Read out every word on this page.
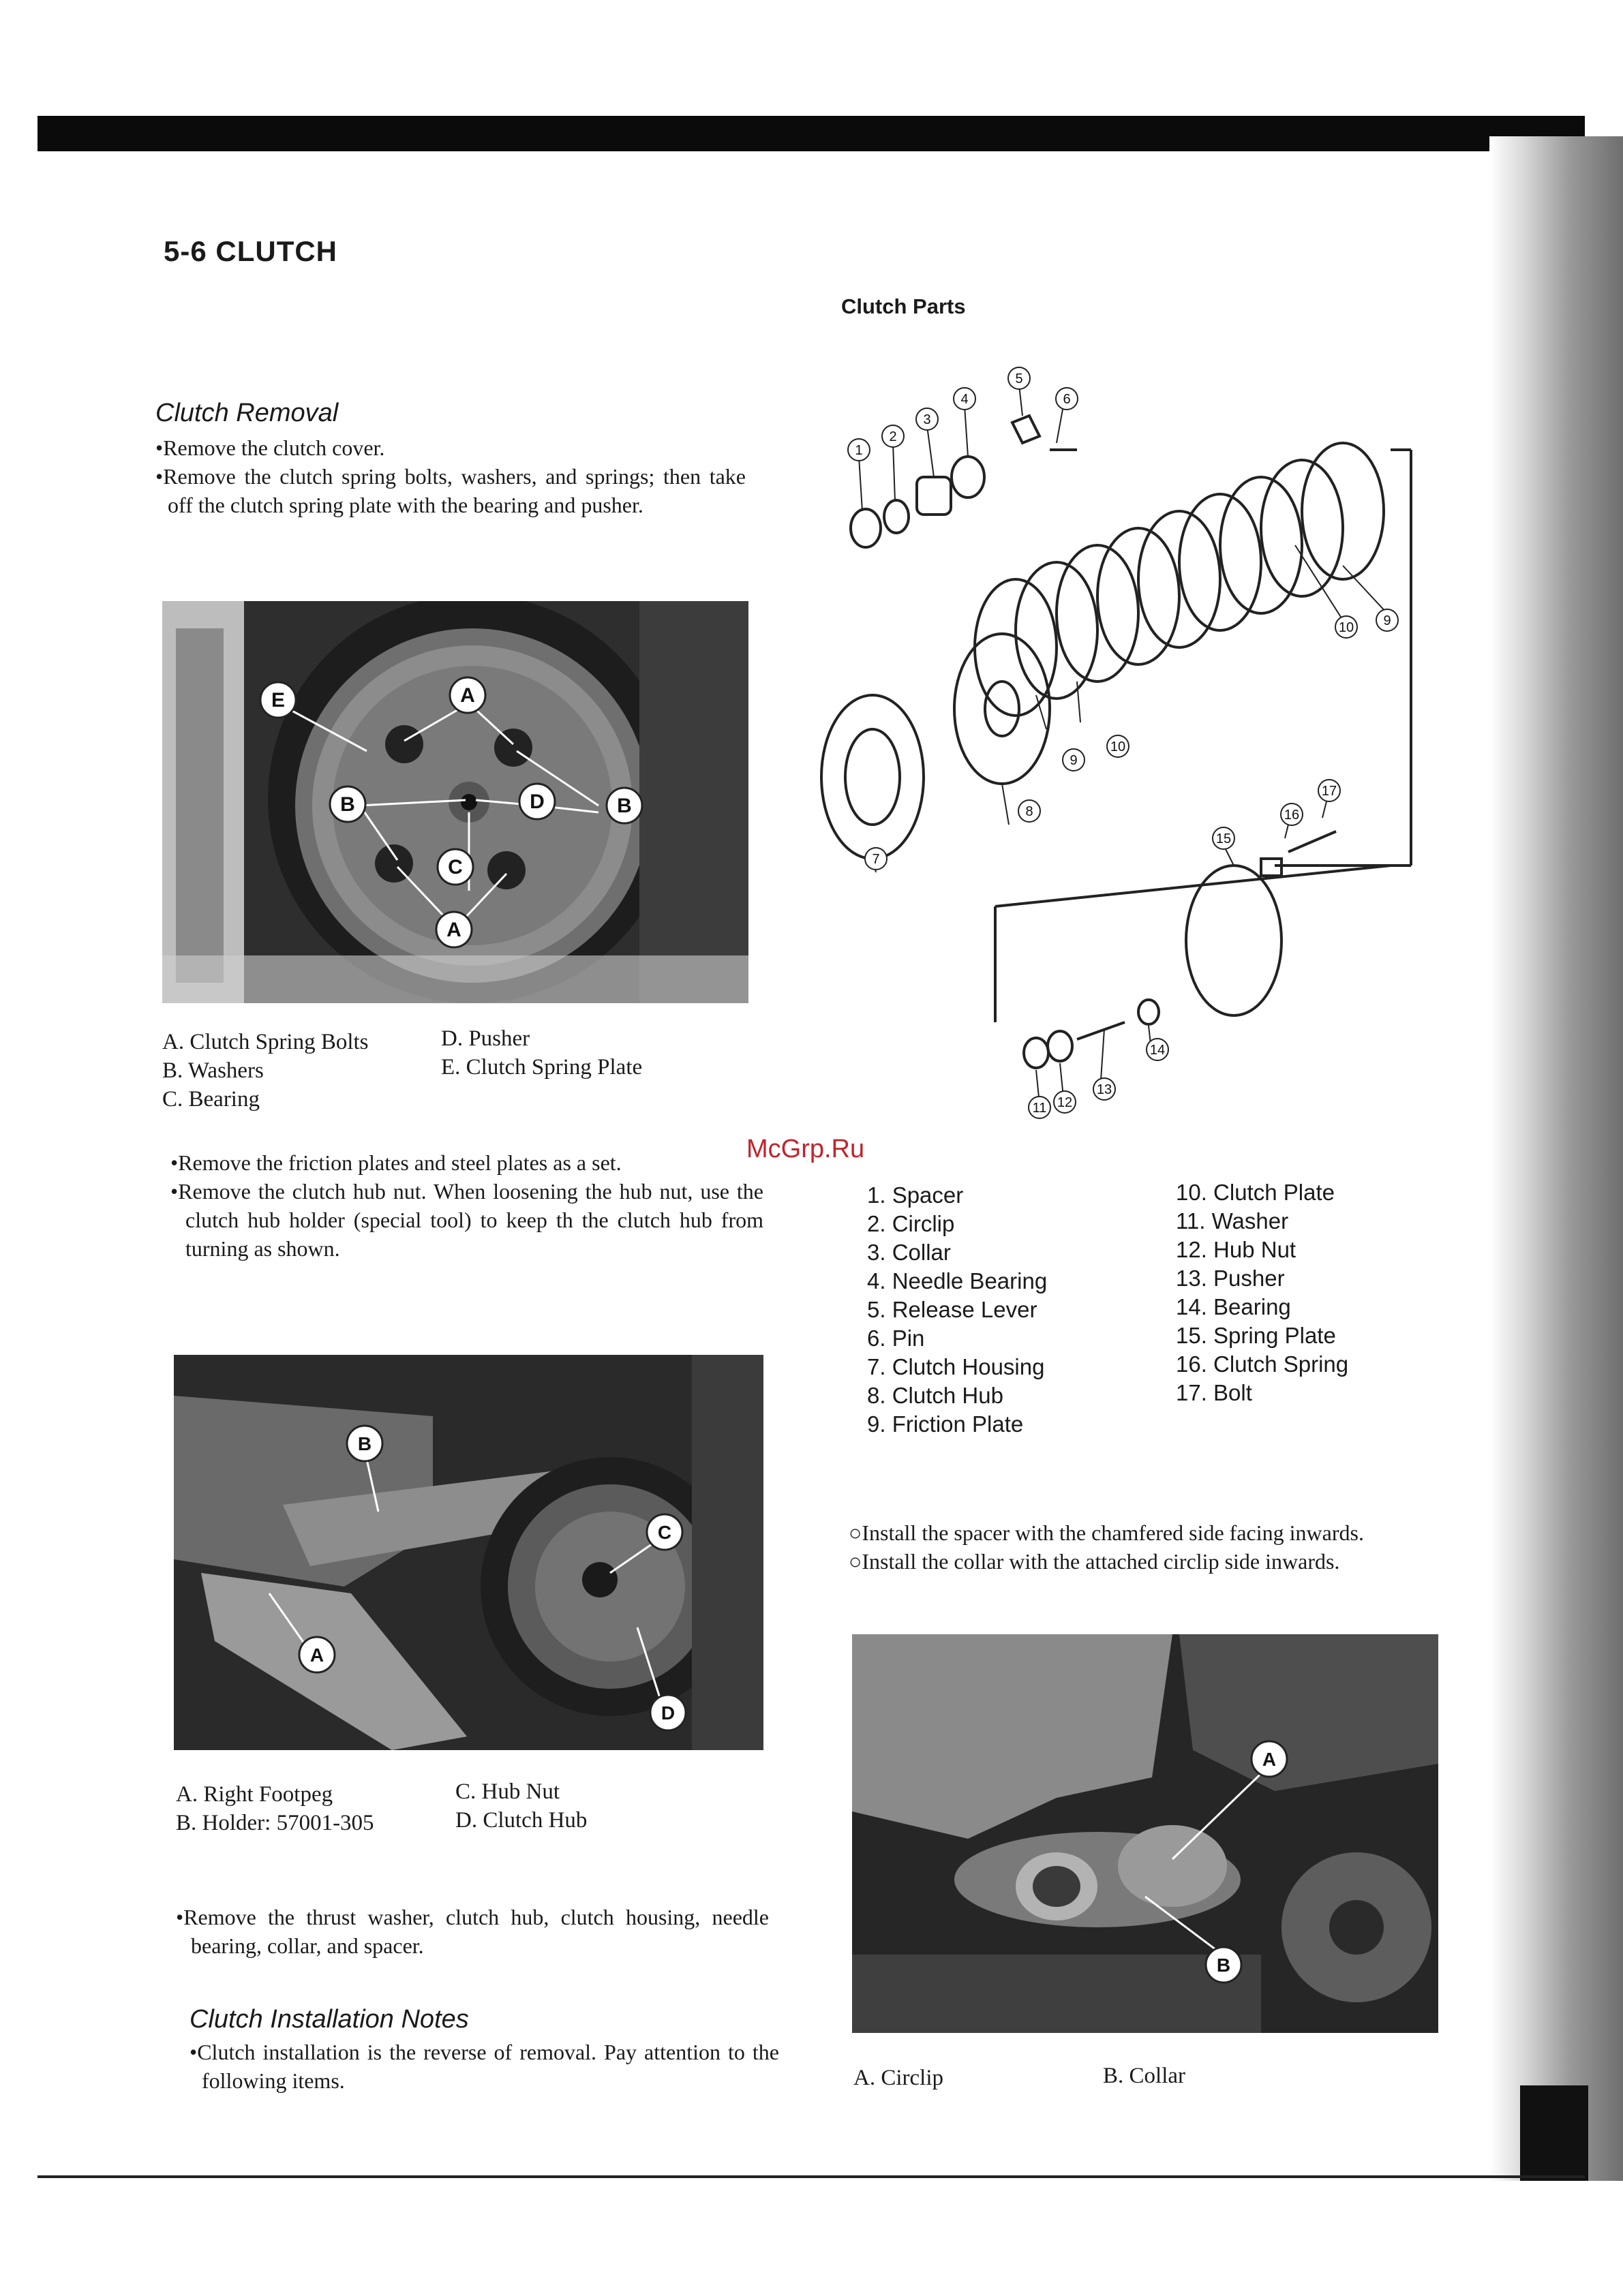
5-6 CLUTCH
Clutch Removal

•Remove the clutch cover.

•Remove the clutch spring bolts, washers, and springs; then take off the clutch spring plate with the bearing and pusher.

E	A
B	D	B
C
A
A. Clutch Spring Bolts
B. Washers
C. Bearing
D. Pusher
E. Clutch Spring Plate

•Remove the friction plates and steel plates as a set.

•Remove the clutch hub nut. When loosening the hub nut, use the clutch hub holder (special tool) to keep th the clutch hub from turning as shown.

B
C
A
D
A. Right Footpeg
B. Holder: 57001-305
C. Hub Nut
D. Clutch Hub

•Remove the thrust washer, clutch hub, clutch housing, needle bearing, collar, and spacer.

Clutch Installation Notes

•Clutch installation is the reverse of removal. Pay attention to the following items.

Clutch Parts
1
2
3
4
5
6
7
8
9
9
10
10
11 12
13
14
15
16
17
McGrp.Ru
1. Spacer
2. Circlip
3. Collar
4. Needle Bearing
5. Release Lever
6. Pin
7. Clutch Housing
8. Clutch Hub
9. Friction Plate
10. Clutch Plate
11. Washer
12. Hub Nut
13. Pusher
14. Bearing
15. Spring Plate
16. Clutch Spring
17. Bolt

○Install the spacer with the chamfered side facing inwards.

○Install the collar with the attached circlip side inwards.

A
B
A. Circlip	B. Collar
